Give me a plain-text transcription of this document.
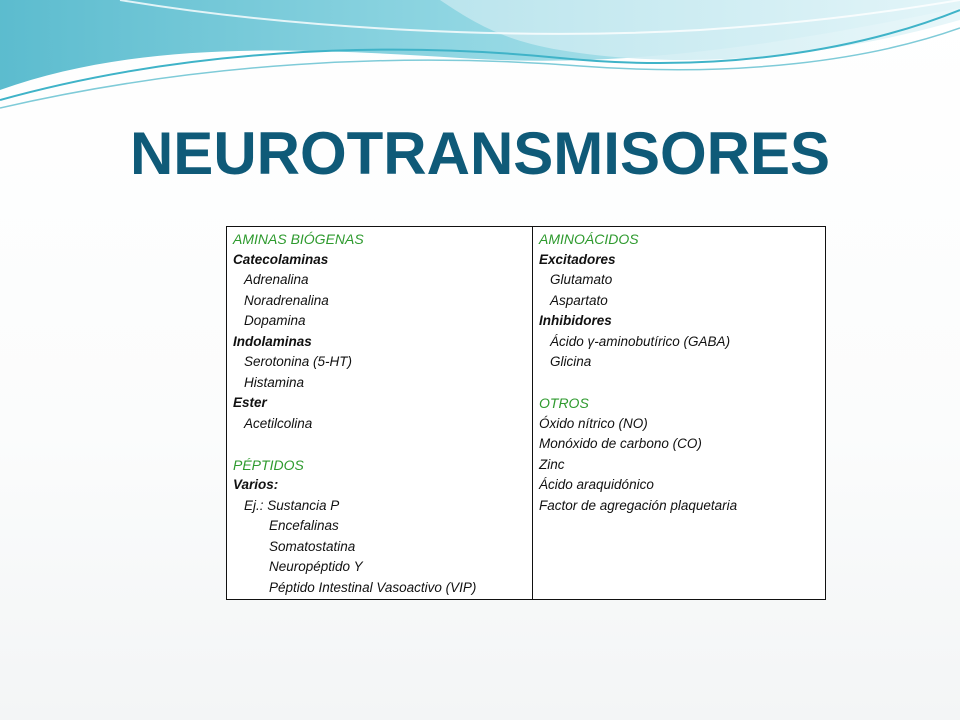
NEUROTRANSMISORES
AMINAS BIÓGENAS
Catecolaminas
Adrenalina
Noradrenalina
Dopamina
Indolaminas
Serotonina (5-HT)
Histamina
Ester
Acetilcolina
PÉPTIDOS
Varios:
Ej.: Sustancia P
Encefalinas
Somatostatina
Neuropéptido Y
Péptido Intestinal Vasoactivo (VIP)
AMINOÁCIDOS
Excitadores
Glutamato
Aspartato
Inhibidores
Ácido γ-aminobutírico (GABA)
Glicina
OTROS
Óxido nítrico (NO)
Monóxido de carbono (CO)
Zinc
Ácido araquidónico
Factor de agregación plaquetaria
